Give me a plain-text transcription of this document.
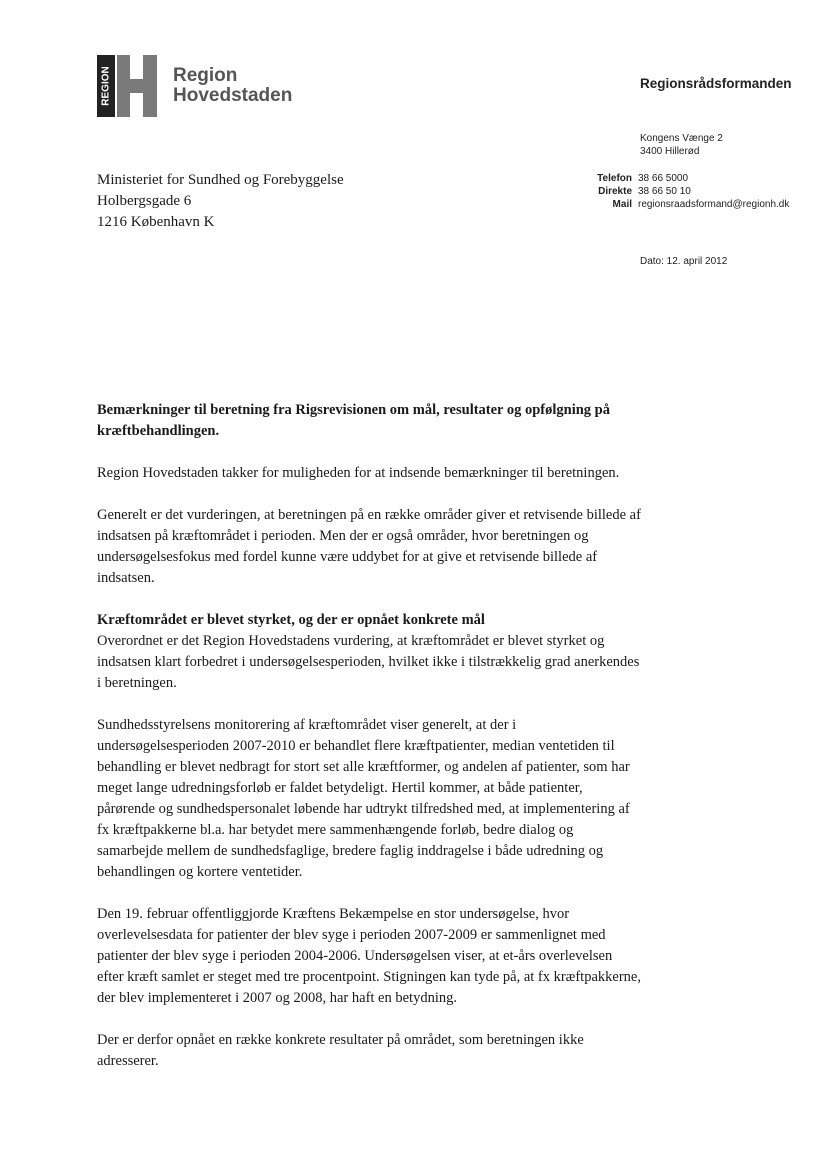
REGION	Region
Hovedstaden
Regionsrådsformanden
Kongens Vænge 2
3400 Hillerød
Telefon	38 66 5000
Direkte	38 66 50 10
Mail	regionsraadsformand@regionh.dk
Dato: 12. april 2012
Ministeriet for Sundhed og Forebyggelse
Holbergsgade 6
1216 København K

Bemærkninger til beretning fra Rigsrevisionen om mål, resultater og opfølgning på kræftbehandlingen.

Region Hovedstaden takker for muligheden for at indsende bemærkninger til beretningen.

Generelt er det vurderingen, at beretningen på en række områder giver et retvisende billede af indsatsen på kræftområdet i perioden. Men der er også områder, hvor beretningen og undersøgelsesfokus med fordel kunne være uddybet for at give et retvisende billede af indsatsen.

Kræftområdet er blevet styrket, og der er opnået konkrete mål

Overordnet er det Region Hovedstadens vurdering, at kræftområdet er blevet styrket og indsatsen klart forbedret i undersøgelsesperioden, hvilket ikke i tilstrækkelig grad anerkendes i beretningen.

Sundhedsstyrelsens monitorering af kræftområdet viser generelt, at der i undersøgelsesperioden 2007-2010 er behandlet flere kræftpatienter, median ventetiden til behandling er blevet nedbragt for stort set alle kræftformer, og andelen af patienter, som har meget lange udredningsforløb er faldet betydeligt. Hertil kommer, at både patienter, pårørende og sundhedspersonalet løbende har udtrykt tilfredshed med, at implementering af fx kræftpakkerne bl.a. har betydet mere sammenhængende forløb, bedre dialog og samarbejde mellem de sundhedsfaglige, bredere faglig inddragelse i både udredning og behandlingen og kortere ventetider.

Den 19. februar offentliggjorde Kræftens Bekæmpelse en stor undersøgelse, hvor overlevelsesdata for patienter der blev syge i perioden 2007-2009 er sammenlignet med patienter der blev syge i perioden 2004-2006. Undersøgelsen viser, at et-års overlevelsen efter kræft samlet er steget med tre procentpoint. Stigningen kan tyde på, at fx kræftpakkerne, der blev implementeret i 2007 og 2008, har haft en betydning.

Der er derfor opnået en række konkrete resultater på området, som beretningen ikke adresserer.
